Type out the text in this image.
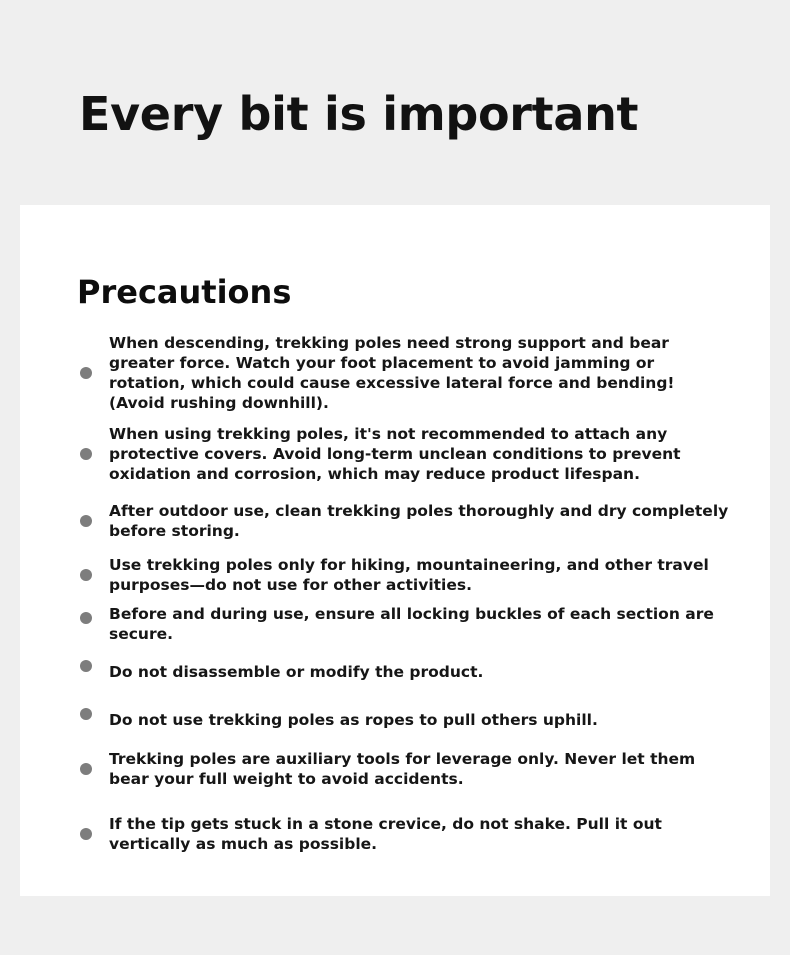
Every bit is important
Precautions
When descending, trekking poles need strong support and bear greater force. Watch your foot placement to avoid jamming or rotation, which could cause excessive lateral force and bending! (Avoid rushing downhill).
When using trekking poles, it's not recommended to attach any protective covers. Avoid long-term unclean conditions to prevent oxidation and corrosion, which may reduce product lifespan.
After outdoor use, clean trekking poles thoroughly and dry completely before storing.
Use trekking poles only for hiking, mountaineering, and other travel purposes—do not use for other activities.
Before and during use, ensure all locking buckles of each section are secure.
Do not disassemble or modify the product.
Do not use trekking poles as ropes to pull others uphill.
Trekking poles are auxiliary tools for leverage only. Never let them bear your full weight to avoid accidents.
If the tip gets stuck in a stone crevice, do not shake. Pull it out vertically as much as possible.
